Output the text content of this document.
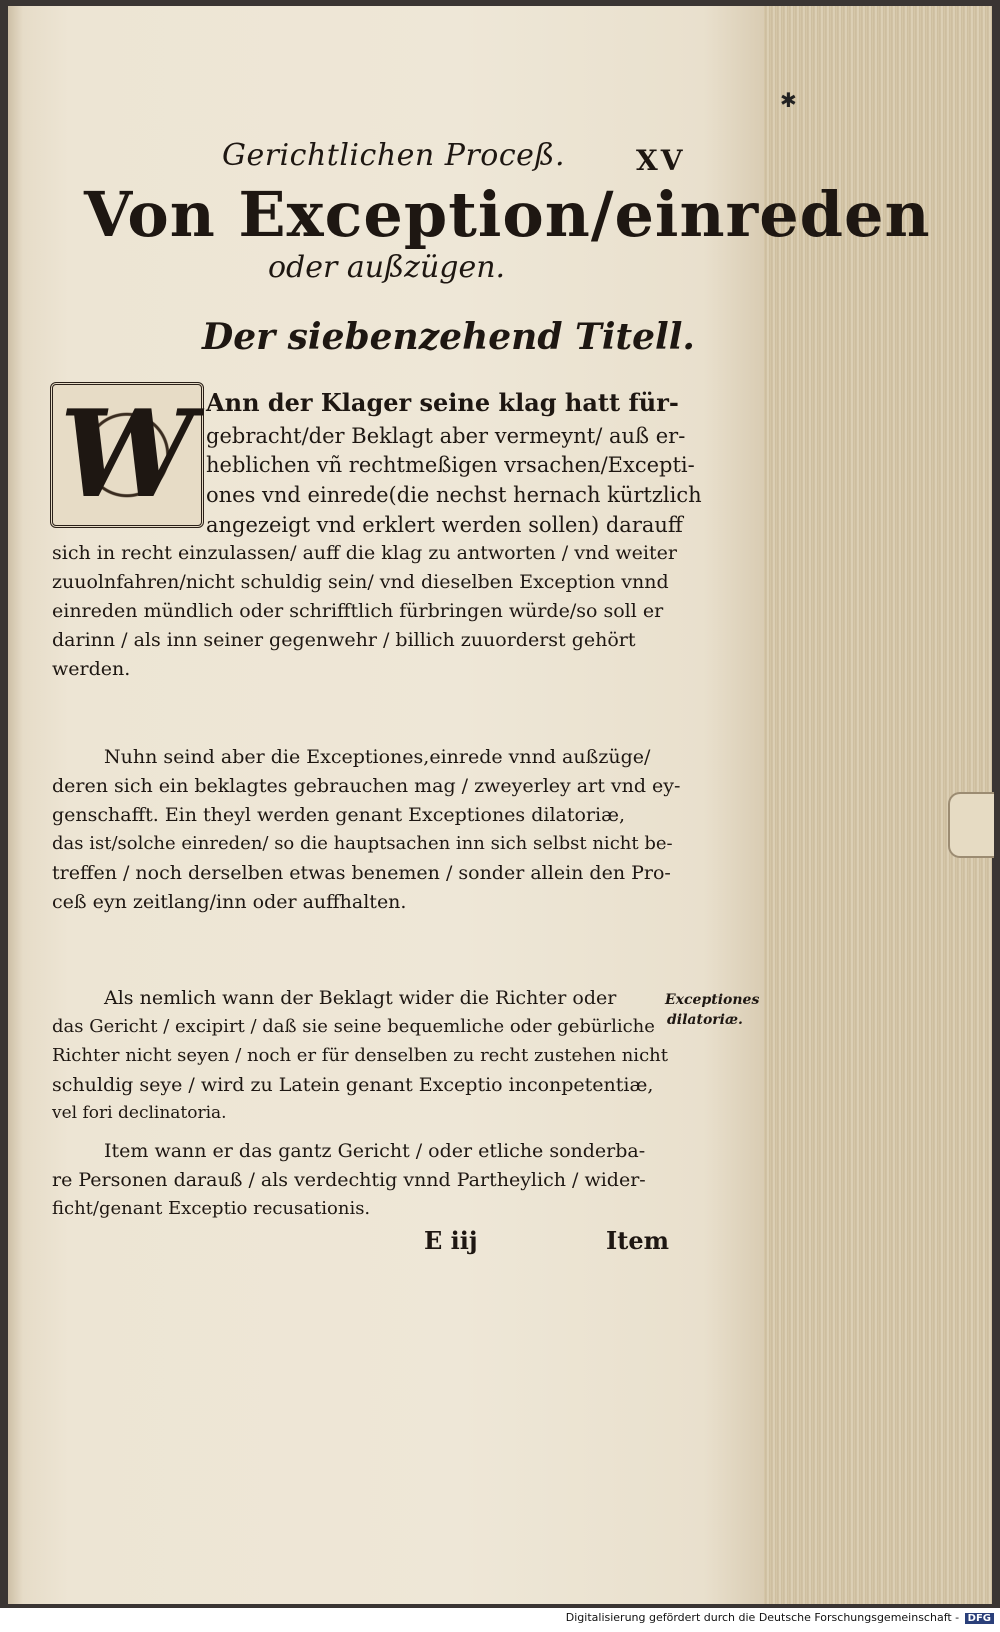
✱
Gerichtlichen Proceß.	XV
Von Exception/einreden
oder außzügen.
Der siebenzehend Titell.
W Ann der Klager seine klag hatt für-
gebracht/der Beklagt aber vermeynt/ auß er-
heblichen vñ rechtmeßigen vrsachen/Excepti-
ones vnd einrede(die nechst hernach kürtzlich
angezeigt vnd erklert werden sollen) darauff
sich in recht einzulassen/ auff die klag zu antworten / vnd weiter
zuuolnfahren/nicht schuldig sein/ vnd dieselben Exception vnnd
einreden mündlich oder schrifftlich fürbringen würde/so soll er
darinn / als inn seiner gegenwehr / billich zuuorderst gehört
werden.
Nuhn seind aber die Exceptiones,einrede vnnd außzüge/
deren sich ein beklagtes gebrauchen mag / zweyerley art vnd ey-
genschafft. Ein theyl werden genant Exceptiones dilatoriæ,
das ist/solche einreden/ so die hauptsachen inn sich selbst nicht be-
treffen / noch derselben etwas benemen / sonder allein den Pro-
ceß eyn zeitlang/inn oder auffhalten.
Als nemlich wann der Beklagt wider die Richter oder
das Gericht / excipirt / daß sie seine bequemliche oder gebürliche
Richter nicht seyen / noch er für denselben zu recht zustehen nicht
schuldig seye / wird zu Latein genant Exceptio inconpetentiæ,
vel fori declinatoria.
Item wann er das gantz Gericht / oder etliche sonderba-
re Personen darauß / als verdechtig vnnd Parthеylich / wider-
ficht/genant Exceptio recusationis.
Exceptiones
dilatoriæ.
E iij	Item
Digitalisierung gefördert durch die Deutsche Forschungsgemeinschaft - DFG
